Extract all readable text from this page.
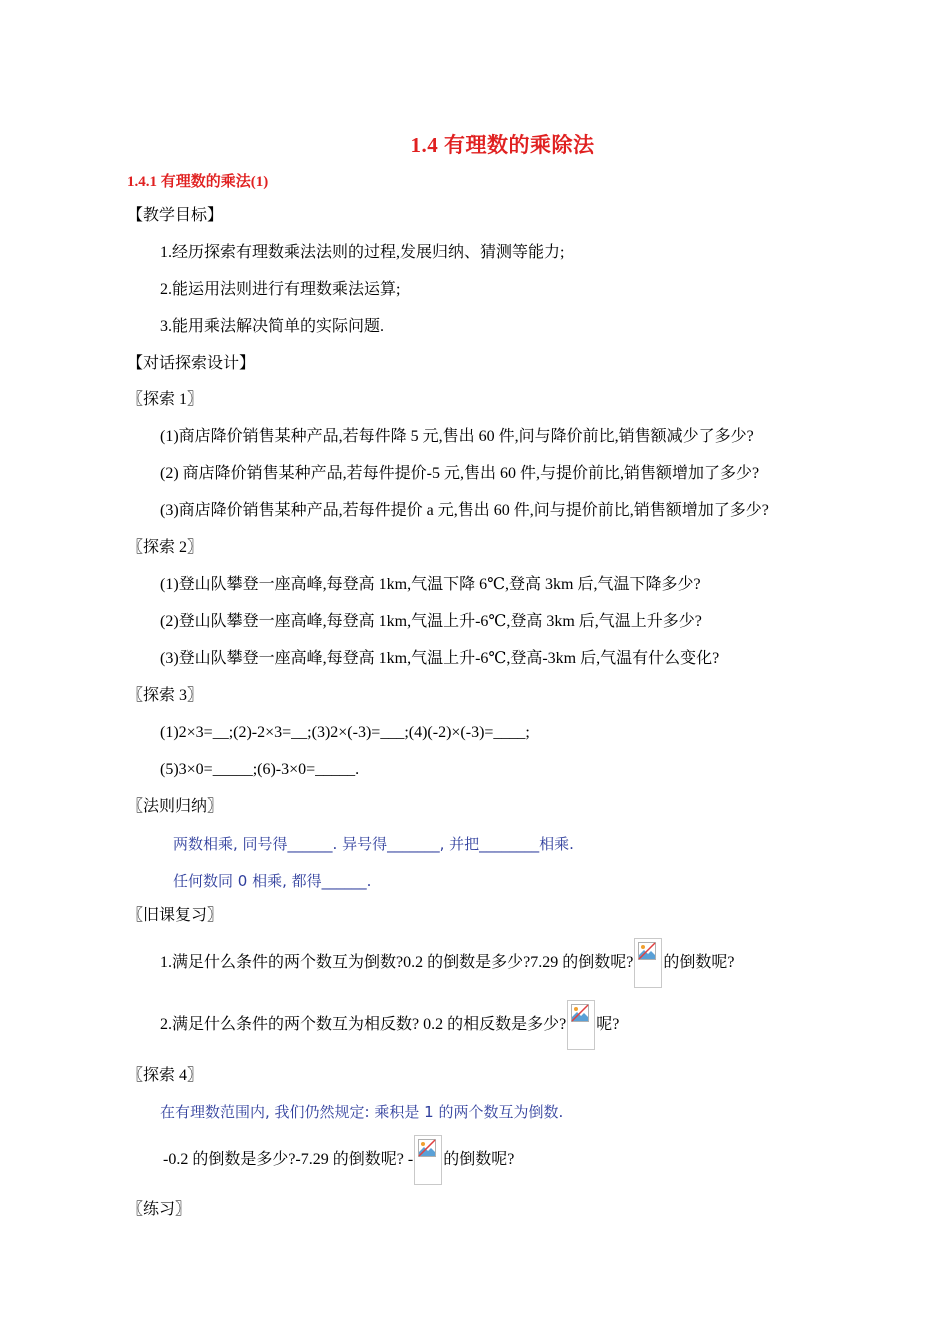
1.4 有理数的乘除法
1.4.1 有理数的乘法(1)
【教学目标】
1.经历探索有理数乘法法则的过程,发展归纳、猜测等能力;
2.能运用法则进行有理数乘法运算;
3.能用乘法解决简单的实际问题.
【对话探索设计】
〖探索 1〗
(1)商店降价销售某种产品,若每件降 5 元,售出 60 件,问与降价前比,销售额减少了多少?
(2) 商店降价销售某种产品,若每件提价-5 元,售出 60 件,与提价前比,销售额增加了多少?
(3)商店降价销售某种产品,若每件提价 a 元,售出 60 件,问与提价前比,销售额增加了多少?
〖探索 2〗
(1)登山队攀登一座高峰,每登高 1km,气温下降 6℃,登高 3km 后,气温下降多少?
(2)登山队攀登一座高峰,每登高 1km,气温上升-6℃,登高 3km 后,气温上升多少?
(3)登山队攀登一座高峰,每登高 1km,气温上升-6℃,登高-3km 后,气温有什么变化?
〖探索 3〗
(1)2×3=__;(2)-2×3=__;(3)2×(-3)=___;(4)(-2)×(-3)=____;
(5)3×0=_____;(6)-3×0=_____.
〖法则归纳〗
两数相乘, 同号得______. 异号得_______, 并把________相乘.
任何数同 0 相乘, 都得______.
〖旧课复习〗
1.满足什么条件的两个数互为倒数?0.2 的倒数是多少?7.29 的倒数呢? 的倒数呢?
2.满足什么条件的两个数互为相反数? 0.2 的相反数是多少? 呢?
〖探索 4〗
在有理数范围内, 我们仍然规定: 乘积是 1 的两个数互为倒数.
-0.2 的倒数是多少?-7.29 的倒数呢? - 的倒数呢?
〖练习〗
